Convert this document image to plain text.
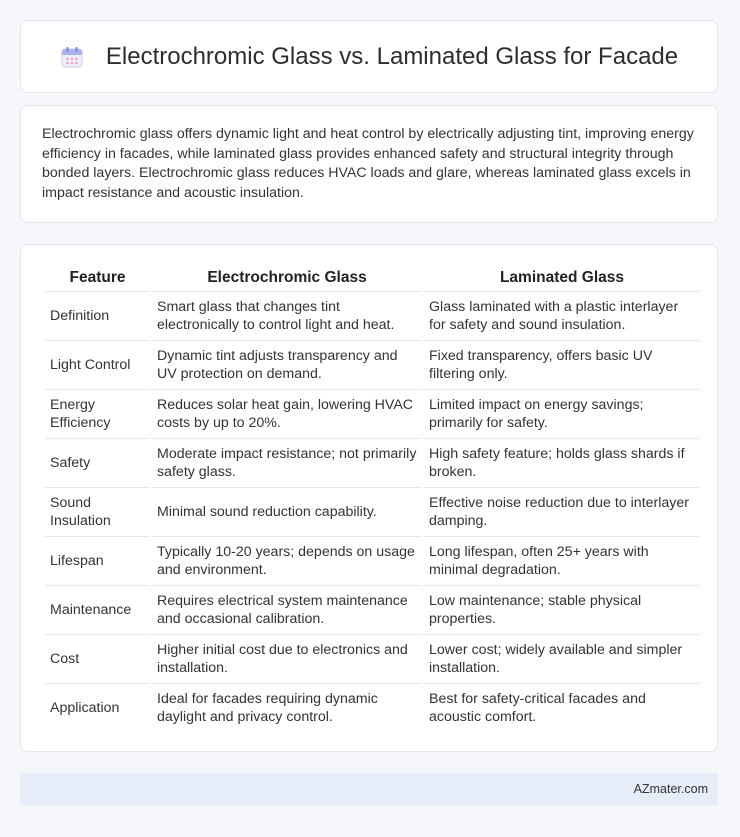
Electrochromic Glass vs. Laminated Glass for Facade

Electrochromic glass offers dynamic light and heat control by electrically adjusting tint, improving energy efficiency in facades, while laminated glass provides enhanced safety and structural integrity through bonded layers. Electrochromic glass reduces HVAC loads and glare, whereas laminated glass excels in impact resistance and acoustic insulation.

Feature	Electrochromic Glass	Laminated Glass
Definition	Smart glass that changes tint electronically to control light and heat.	Glass laminated with a plastic interlayer for safety and sound insulation.
Light Control	Dynamic tint adjusts transparency and UV protection on demand.	Fixed transparency, offers basic UV filtering only.
Energy Efficiency	Reduces solar heat gain, lowering HVAC costs by up to 20%.	Limited impact on energy savings; primarily for safety.
Safety	Moderate impact resistance; not primarily safety glass.	High safety feature; holds glass shards if broken.
Sound Insulation	Minimal sound reduction capability.	Effective noise reduction due to interlayer damping.
Lifespan	Typically 10-20 years; depends on usage and environment.	Long lifespan, often 25+ years with minimal degradation.
Maintenance	Requires electrical system maintenance and occasional calibration.	Low maintenance; stable physical properties.
Cost	Higher initial cost due to electronics and installation.	Lower cost; widely available and simpler installation.
Application	Ideal for facades requiring dynamic daylight and privacy control.	Best for safety-critical facades and acoustic comfort.
AZmater.com
